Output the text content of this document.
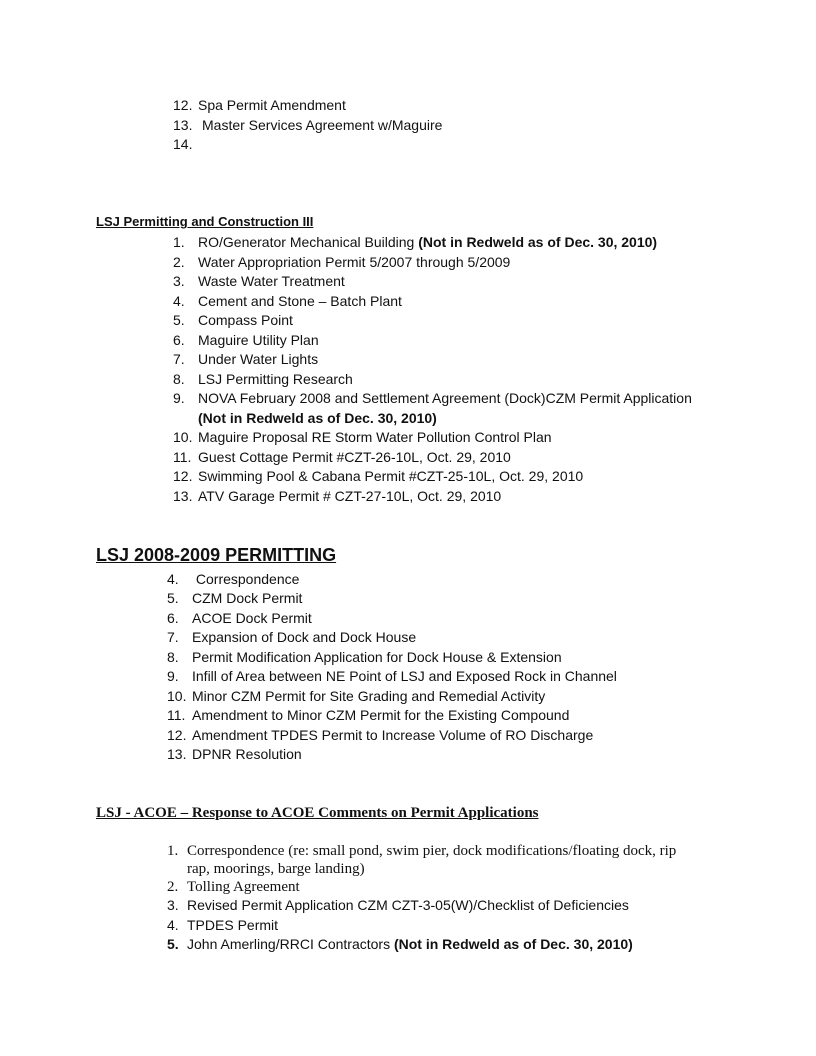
12. Spa Permit Amendment
13. Master Services Agreement w/Maguire
14.
LSJ Permitting and Construction III
1. RO/Generator Mechanical Building (Not in Redweld as of Dec. 30, 2010)
2. Water Appropriation Permit 5/2007 through 5/2009
3. Waste Water Treatment
4. Cement and Stone – Batch Plant
5. Compass Point
6. Maguire Utility Plan
7. Under Water Lights
8. LSJ Permitting Research
9. NOVA February 2008 and Settlement Agreement (Dock)CZM Permit Application
(Not in Redweld as of Dec. 30, 2010)
10. Maguire Proposal RE Storm Water Pollution Control Plan
11. Guest Cottage Permit #CZT-26-10L, Oct. 29, 2010
12. Swimming Pool & Cabana Permit #CZT-25-10L, Oct. 29, 2010
13. ATV Garage Permit # CZT-27-10L, Oct. 29, 2010
LSJ 2008-2009 PERMITTING
4. Correspondence
5. CZM Dock Permit
6. ACOE Dock Permit
7. Expansion of Dock and Dock House
8. Permit Modification Application for Dock House & Extension
9. Infill of Area between NE Point of LSJ and Exposed Rock in Channel
10. Minor CZM Permit for Site Grading and Remedial Activity
11. Amendment to Minor CZM Permit for the Existing Compound
12. Amendment TPDES Permit to Increase Volume of RO Discharge
13. DPNR Resolution
LSJ - ACOE – Response to ACOE Comments on Permit Applications
1. Correspondence (re: small pond, swim pier, dock modifications/floating dock, rip
rap, moorings, barge landing)
2. Tolling Agreement
3. Revised Permit Application CZM CZT-3-05(W)/Checklist of Deficiencies
4. TPDES Permit
5. John Amerling/RRCI Contractors (Not in Redweld as of Dec. 30, 2010)
